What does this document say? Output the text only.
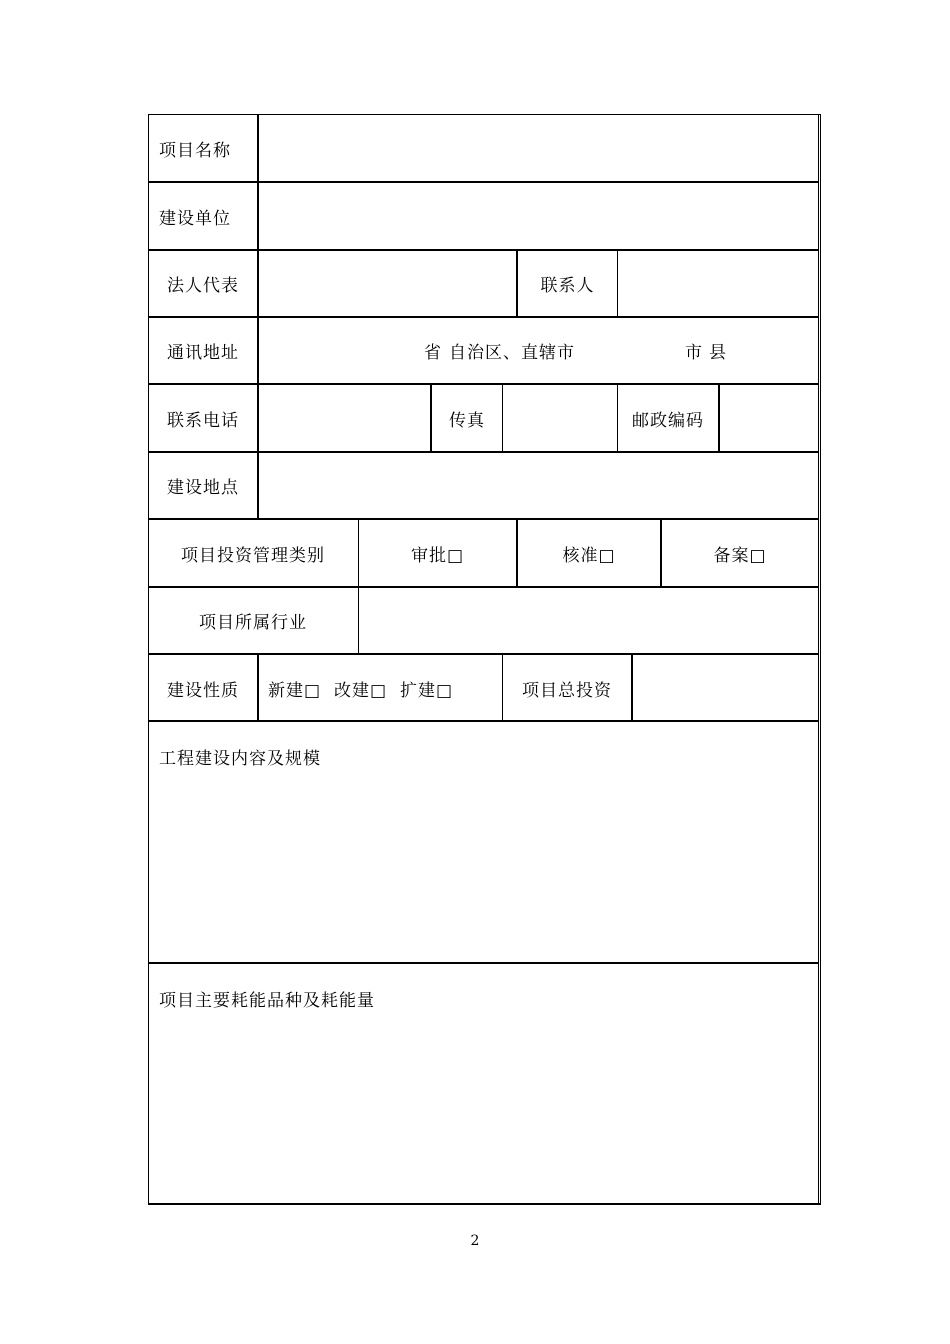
项目名称
建设单位
法人代表	联系人
通讯地址	省 自治区、直辖市	市 县
联系电话	传真	邮政编码
建设地点
项目投资管理类别	审批□	核准□	备案□
项目所属行业
建设性质	新建□ 改建□ 扩建□	项目总投资
工程建设内容及规模
项目主要耗能品种及耗能量
2
